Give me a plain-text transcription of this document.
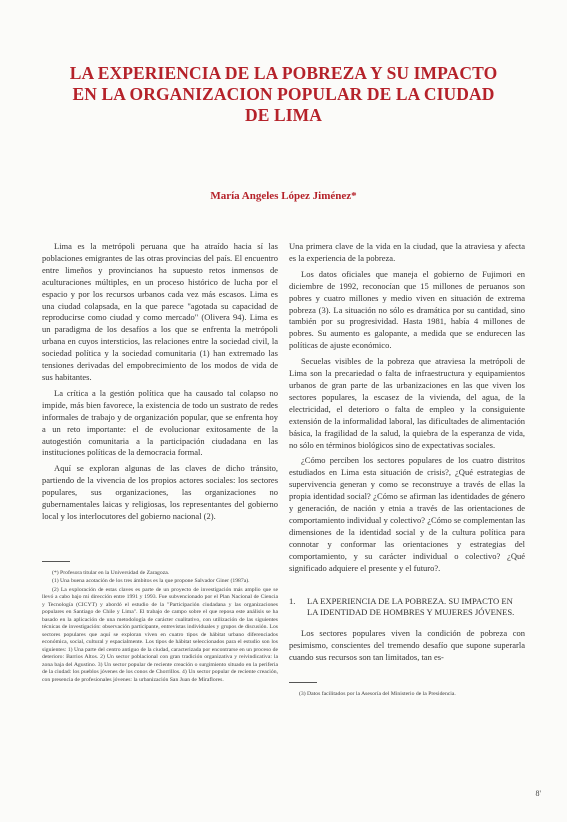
LA EXPERIENCIA DE LA POBREZA Y SU IMPACTO
EN LA ORGANIZACION POPULAR DE LA CIUDAD
DE LIMA
María Angeles López Jiménez*

Lima es la metrópoli peruana que ha atraído hacia sí las poblaciones emigrantes de las otras provincias del país. El encuentro entre limeños y provincianos ha supuesto retos inmensos de aculturaciones múltiples, en un proceso histórico de lucha por el espacio y por los recursos urbanos cada vez más escasos. Lima es una ciudad colapsada, en la que parece "agotada su capacidad de reproducirse como ciudad y como mercado" (Olivera 94). Lima es un paradigma de los desafíos a los que se enfrenta la metrópoli urbana en cuyos intersticios, las relaciones entre la sociedad civil, la sociedad política y la sociedad comunitaria (1) han extremado las tensiones derivadas del empobrecimiento de los modos de vida de sus habitantes.

La crítica a la gestión política que ha causado tal colapso no impide, más bien favorece, la existencia de todo un sustrato de redes informales de trabajo y de organización popular, que se enfrenta hoy a un reto importante: el de evolucionar exitosamente de la autogestión comunitaria a la participación ciudadana en las instituciones políticas de la democracia formal.

Aquí se exploran algunas de las claves de dicho tránsito, partiendo de la vivencia de los propios actores sociales: los sectores populares, sus organizaciones, las organizaciones no gubernamentales laicas y religiosas, los representantes del gobierno local y los interlocutores del gobierno nacional (2).

(*) Profesora titular en la Universidad de Zaragoza.

(1) Una buena acotación de los tres ámbitos es la que propone Salvador Giner (1987a).

(2) La exploración de estas claves es parte de un proyecto de investigación más amplio que se llevó a cabo bajo mi dirección entre 1991 y 1993. Fue subvencionado por el Plan Nacional de Ciencia y Tecnología (CICYT) y abordó el estudio de la "Participación ciudadana y las organizaciones populares en Santiago de Chile y Lima". El trabajo de campo sobre el que reposa este análisis se ha basado en la aplicación de una metodología de carácter cualitativo, con utilización de las siguientes técnicas de investigación: observación participante, entrevistas individuales y grupos de discusión. Los sectores populares que aquí se exploran viven en cuatro tipos de hábitat urbano diferenciados económica, social, cultural y espacialmente. Los tipos de hábitat seleccionados para el estudio son los siguientes: 1) Una parte del centro antiguo de la ciudad, caracterizada por encontrarse en un proceso de deterioro: Barrios Altos. 2) Un sector poblacional con gran tradición organizativa y reivindicativa: la zona baja del Agustino. 3) Un sector popular de reciente creación o surgimiento situado en la periferia de la ciudad: los pueblos jóvenes de los conos de Chorrillos. 4) Un sector popular de reciente creación, con presencia de profesionales jóvenes: la urbanización San Juan de Miraflores.

Una primera clave de la vida en la ciudad, que la atraviesa y afecta es la experiencia de la pobreza.

Los datos oficiales que maneja el gobierno de Fujimori en diciembre de 1992, reconocían que 15 millones de peruanos son pobres y cuatro millones y medio viven en situación de extrema pobreza (3). La situación no sólo es dramática por su cantidad, sino también por su progresividad. Hasta 1981, había 4 millones de pobres. Su aumento es galopante, a medida que se endurecen las políticas de ajuste económico.

Secuelas visibles de la pobreza que atraviesa la metrópoli de Lima son la precariedad o falta de infraestructura y equipamientos urbanos de gran parte de las urbanizaciones en las que viven los sectores populares, la escasez de la vivienda, del agua, de la electricidad, el deterioro o falta de empleo y la consiguiente extensión de la informalidad laboral, las dificultades de alimentación básica, la fragilidad de la salud, la quiebra de la esperanza de vida, no sólo en términos biológicos sino de expectativas sociales.

¿Cómo perciben los sectores populares de los cuatro distritos estudiados en Lima esta situación de crisis?, ¿Qué estrategias de supervivencia generan y como se reconstruye a través de ellas la propia identidad social? ¿Cómo se afirman las identidades de género y generación, de nación y etnia a través de las orientaciones de comportamiento individual y colectivo? ¿Cómo se complementan las dimensiones de la identidad social y de la cultura política para connotar y conformar las orientaciones y estrategias del comportamiento, y su carácter individual o colectivo? ¿Qué significado adquiere el presente y el futuro?.

1.	LA EXPERIENCIA DE LA POBREZA. SU IMPACTO EN LA IDENTIDAD DE HOMBRES Y MUJERES JÓVENES.

Los sectores populares viven la condición de pobreza con pesimismo, conscientes del tremendo desafío que supone superarla cuando sus recursos son tan limitados, tan es-

(3) Datos facilitados por la Asesoría del Ministerio de la Presidencia.

8'
